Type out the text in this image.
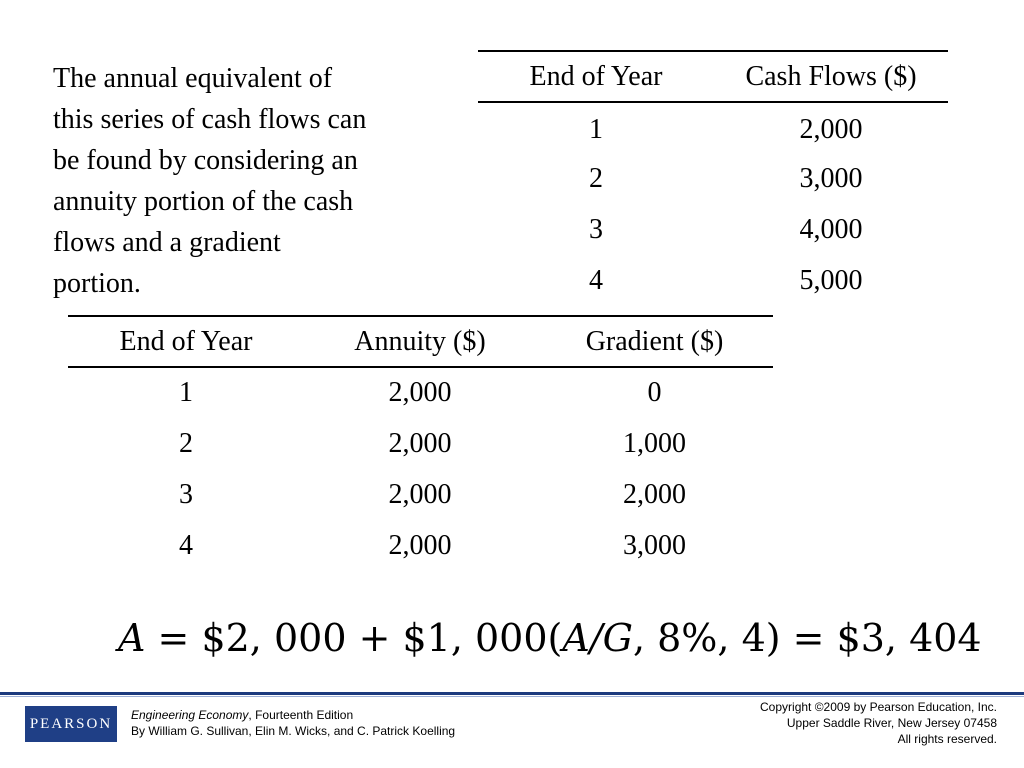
The annual equivalent of
this series of cash flows can
be found by considering an
annuity portion of the cash
flows and a gradient
portion.
End of Year	Cash Flows ($)
1	2,000
2	3,000
3	4,000
4	5,000
End of Year	Annuity ($)	Gradient ($)
1	2,000	0
2	2,000	1,000
3	2,000	2,000
4	2,000	3,000
A = $2, 000 + $1, 000(A/G, 8%, 4) = $3, 404
PEARSON
Engineering Economy, Fourteenth Edition
By William G. Sullivan, Elin M. Wicks, and C. Patrick Koelling
Copyright ©2009 by Pearson Education, Inc.
Upper Saddle River, New Jersey 07458
All rights reserved.
